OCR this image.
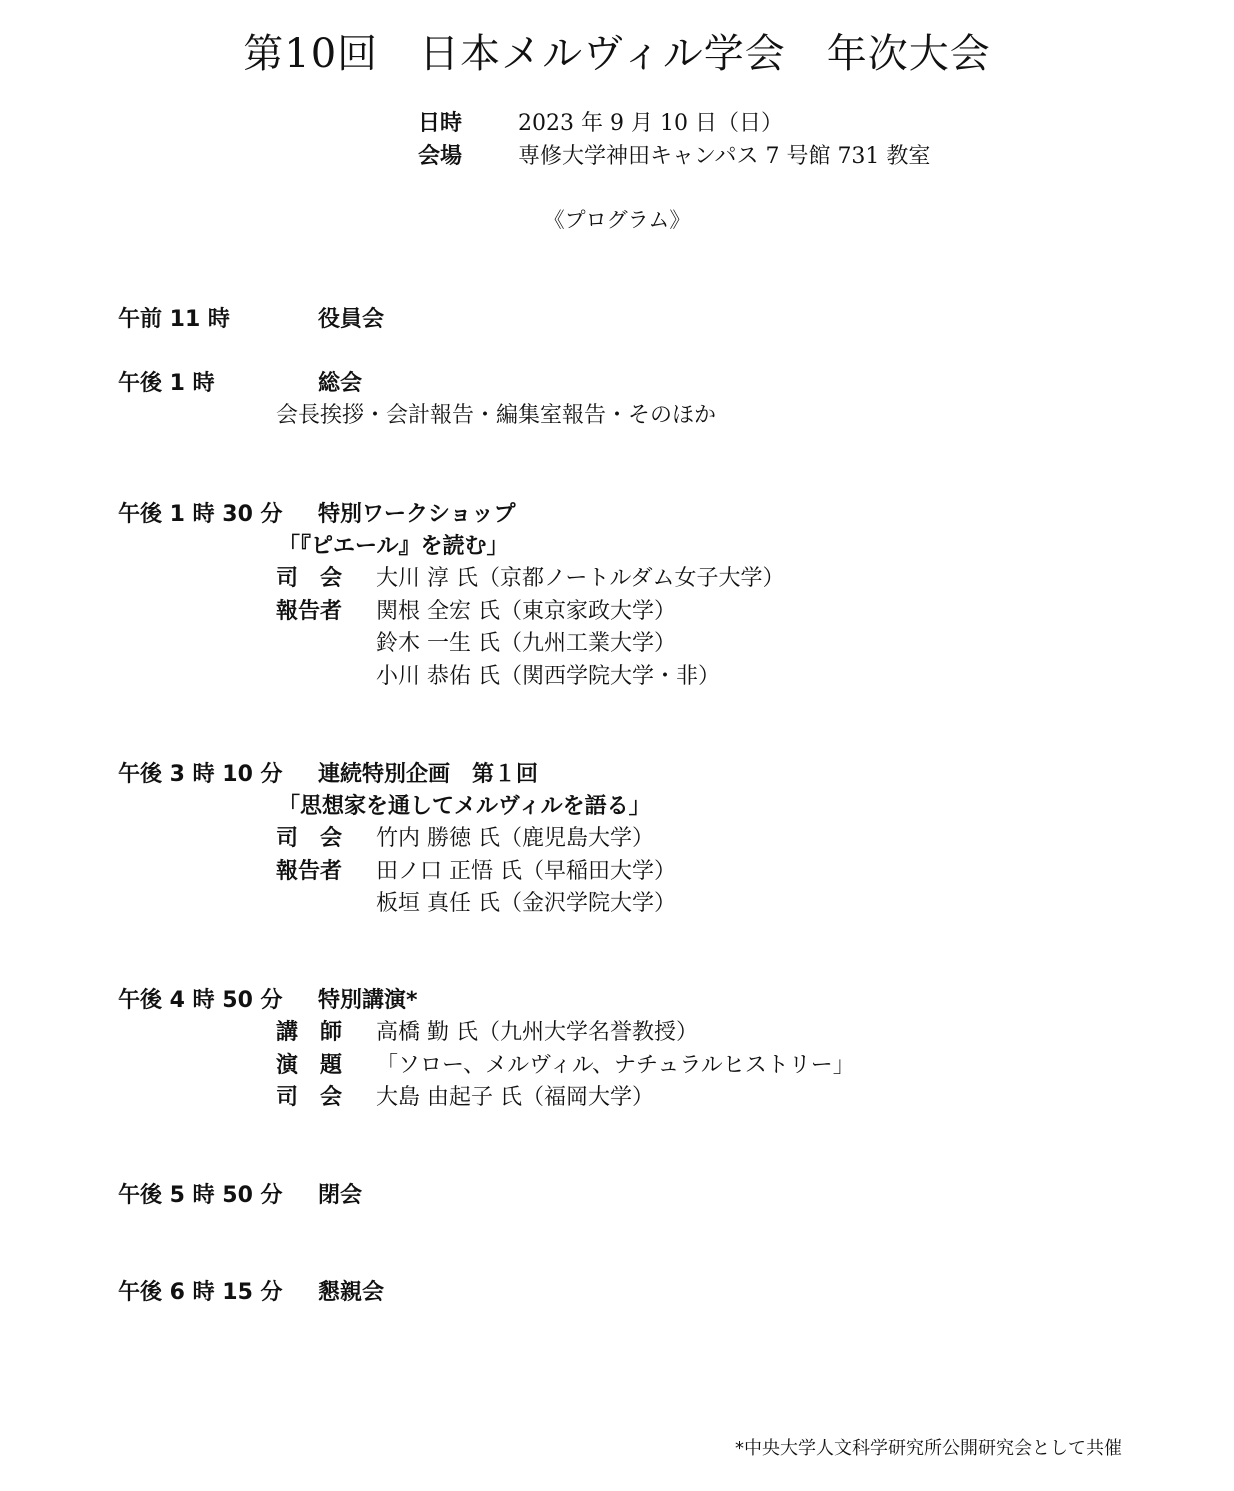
第10回　日本メルヴィル学会　年次大会
日時	2023 年 9 月 10 日（日）
会場	専修大学神田キャンパス 7 号館 731 教室
《プログラム》
午前 11 時	役員会
午後 1 時	総会
会長挨拶・会計報告・編集室報告・そのほか
午後 1 時 30 分 特別ワークショップ
「『ピエール』を読む」
司　会 大川 淳 氏（京都ノートルダム女子大学）
報告者 関根 全宏 氏（東京家政大学）
鈴木 一生 氏（九州工業大学）
小川 恭佑 氏（関西学院大学・非）
午後 3 時 10 分 連続特別企画　第１回
「思想家を通してメルヴィルを語る」
司　会 竹内 勝徳 氏（鹿児島大学）
報告者 田ノ口 正悟 氏（早稲田大学）
板垣 真任 氏（金沢学院大学）
午後 4 時 50 分 特別講演*
講　師 高橋 勤 氏（九州大学名誉教授）
演　題 「ソロー、メルヴィル、ナチュラルヒストリー」
司　会 大島 由起子 氏（福岡大学）
午後 5 時 50 分 閉会
午後 6 時 15 分 懇親会
*中央大学人文科学研究所公開研究会として共催
